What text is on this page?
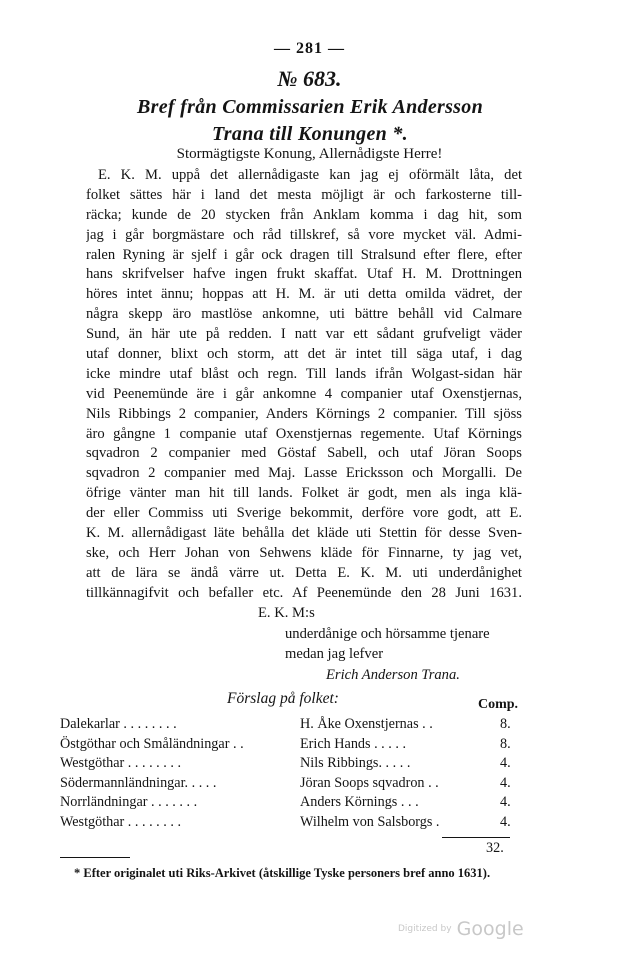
— 281 —
№ 683.
Bref från Commissarien Erik Andersson
Trana till Konungen *.
Stormägtigste Konung, Allernådigste Herre!
E. K. M. uppå det allernådigaste kan jag ej oförmält låta, det
folket sättes här i land det mesta möjligt är och farkosterne till-
räcka; kunde de 20 stycken från Anklam komma i dag hit, som
jag i går borgmästare och råd tillskref, så vore mycket väl. Admi-
ralen Ryning är sjelf i går ock dragen till Stralsund efter flere, efter
hans skrifvelser hafve ingen frukt skaffat. Utaf H. M. Drottningen
höres intet ännu; hoppas att H. M. är uti detta omilda vädret, der
några skepp äro mastlöse ankomne, uti bättre behåll vid Calmare
Sund, än här ute på redden. I natt var ett sådant grufveligt väder
utaf donner, blixt och storm, att det är intet till säga utaf, i dag
icke mindre utaf blåst och regn. Till lands ifrån Wolgast-sidan här
vid Peenemünde äre i går ankomne 4 companier utaf Oxenstjernas,
Nils Ribbings 2 companier, Anders Körnings 2 companier. Till sjöss
äro gångne 1 companie utaf Oxenstjernas regemente. Utaf Körnings
sqvadron 2 companier med Göstaf Sabell, och utaf Jöran Soops
sqvadron 2 companier med Maj. Lasse Ericksson och Morgalli. De
öfrige vänter man hit till lands. Folket är godt, men als inga klä-
der eller Commiss uti Sverige bekommit, derföre vore godt, att E.
K. M. allernådigast läte behålla det kläde uti Stettin för desse Sven-
ske, och Herr Johan von Sehwens kläde för Finnarne, ty jag vet,
att de lära se ändå värre ut. Detta E. K. M. uti underdånighet
tillkännagifvit och befaller etc. Af Peenemünde den 28 Juni 1631.
E. K. M:s
underdånige och hörsamme tjenare
medan jag lefver
Erich Anderson Trana.
Förslag på folket:	Comp.
Dalekarlar . . . . . . . .	H. Åke Oxenstjernas . .	8.
Östgöthar och Småländningar . .	Erich Hands . . . . .	8.
Westgöthar . . . . . . . .	Nils Ribbings. . . . .	4.
Södermannländningar. . . . .	Jöran Soops sqvadron . .	4.
Norrländningar . . . . . . .	Anders Körnings . . .	4.
Westgöthar . . . . . . . .	Wilhelm von Salsborgs .	4.
32.
* Efter originalet uti Riks-Arkivet (åtskillige Tyske personers bref anno 1631).
Digitized by Google
